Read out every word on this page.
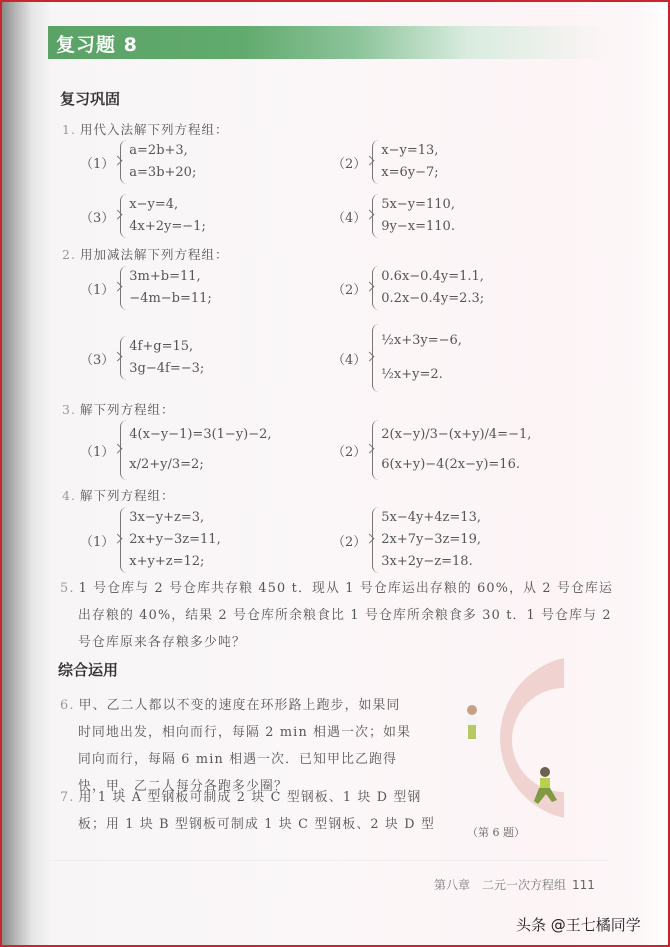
复习题 8
复习巩固
1. 用代入法解下列方程组：
（1）
a=2b+3,
a=3b+20;
（2）
x−y=13,
x=6y−7;
（3）
x−y=4,
4x+2y=−1;
（4）
5x−y=110,
9y−x=110.
2. 用加减法解下列方程组：
（1）
3m+b=11,
−4m−b=11;
（2）
0.6x−0.4y=1.1,
0.2x−0.4y=2.3;
（3）
4f+g=15,
3g−4f=−3;
（4）
½x+3y=−6,
½x+y=2.
3. 解下列方程组：
（1）
4(x−y−1)=3(1−y)−2,
x/2+y/3=2;
（2）
2(x−y)/3−(x+y)/4=−1,
6(x+y)−4(2x−y)=16.
4. 解下列方程组：
（1）
3x−y+z=3,
2x+y−3z=11,
x+y+z=12;
（2）
5x−4y+4z=13,
2x+7y−3z=19,
3x+2y−z=18.
5. 1 号仓库与 2 号仓库共存粮 450 t．现从 1 号仓库运出存粮的 60%，从 2 号仓库运
出存粮的 40%，结果 2 号仓库所余粮食比 1 号仓库所余粮食多 30 t．1 号仓库与 2
号仓库原来各存粮多少吨？
综合运用
6. 甲、乙二人都以不变的速度在环形路上跑步，如果同
时同地出发，相向而行，每隔 2 min 相遇一次；如果
同向而行，每隔 6 min 相遇一次．已知甲比乙跑得
快，甲、乙二人每分各跑多少圈？
7. 用 1 块 A 型钢板可制成 2 块 C 型钢板、1 块 D 型钢
板；用 1 块 B 型钢板可制成 1 块 C 型钢板、2 块 D 型
（第 6 题）
第八章　二元一次方程组 111
头条 @王七橘同学
